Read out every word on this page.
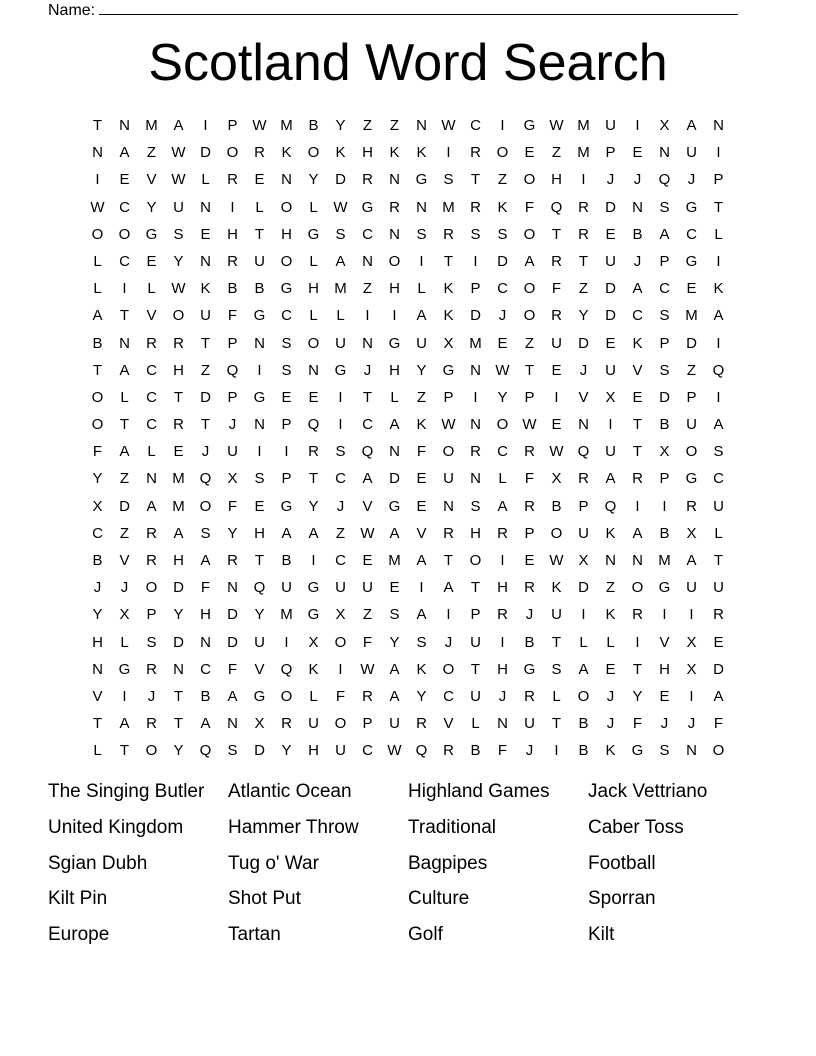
Name:
Scotland Word Search
T	N	M	A	I	P W M	B	Y	Z	Z	N W C	I	G W M	U	I	X	A	N
N	A	Z	W D	O	R	K	O	K	H	K	K	I	R	O	E	Z	M	P	E	N	U	I
I	E	V W	L	R	E	N	Y	D	R	N	G	S	T	Z	O	H	I	J	J	Q	J	P
W C	Y	U	N	I	L	O	L	W G	R	N	M	R	K	F	Q	R	D	N	S	G	T
O	O	G	S	E	H	T	H	G	S	C	N	S	R	S	S	O	T	R	E	B	A	C	L
L	C	E	Y	N	R	U	O	L	A	N	O	I	T	I	D	A	R	T	U	J	P	G	I
L	I	L	W K	B	B	G	H	M	Z	H	L	K	P	C	O	F	Z	D	A	C	E	K
A	T	V	O	U	F	G	C	L	L	I	I	A	K	D	J	O	R	Y	D	C	S	M	A
B	N	R	R	T	P	N	S	O	U	N	G	U	X	M	E	Z	U	D	E	K	P	D	I
T	A	C	H	Z	Q	I	S	N	G	J	H	Y	G	N W	T	E	J	U	V	S	Z	Q
O	L	C	T	D	P	G	E	E	I	T	L	Z	P	I	Y	P	I	V	X	E	D	P	I
O	T	C	R	T	J	N	P	Q	I	C	A	K W N	O W E	N	I	T	B	U	A
F	A	L	E	J	U	I	I	R	S	Q	N	F	O	R	C	R W Q	U	T	X	O	S
Y	Z	N	M Q	X	S	P	T	C	A	D	E	U	N	L	F	X	R	A	R	P	G	C
X	D	A	M O	F	E	G	Y	J	V	G	E	N	S	A	R	B	P	Q	I	I	R	U
C	Z	R	A	S	Y	H	A	A	Z	W A	V	R	H	R	P	O	U	K	A	B	X	L
B	V	R	H	A	R	T	B	I	C	E	M	A	T	O	I	E W X	N	N	M	A	T
J	J	O	D	F	N	Q	U	G	U	U	E	I	A	T	H	R	K	D	Z	O	G	U	U
Y	X	P	Y	H	D	Y	M G	X	Z	S	A	I	P	R	J	U	I	K	R	I	I	R
H	L	S	D	N	D	U	I	X	O	F	Y	S	J	U	I	B	T	L	L	I	V	X	E
N	G	R	N	C	F	V	Q	K	I	W A	K	O	T	H	G	S	A	E	T	H	X	D
V	I	J	T	B	A	G	O	L	F	R	A	Y	C	U	J	R	L	O	J	Y	E	I	A
T	A	R	T	A	N	X	R	U	O	P	U	R	V	L	N	U	T	B	J	F	J	J	F
L	T	O	Y	Q	S	D	Y	H	U	C W Q	R	B	F	J	I	B	K	G	S	N	O
The Singing Butler	Atlantic Ocean	Highland Games	Jack Vettriano
United Kingdom	Hammer Throw	Traditional	Caber Toss
Sgian Dubh	Tug o' War	Bagpipes	Football
Kilt Pin	Shot Put	Culture	Sporran
Europe	Tartan	Golf	Kilt
